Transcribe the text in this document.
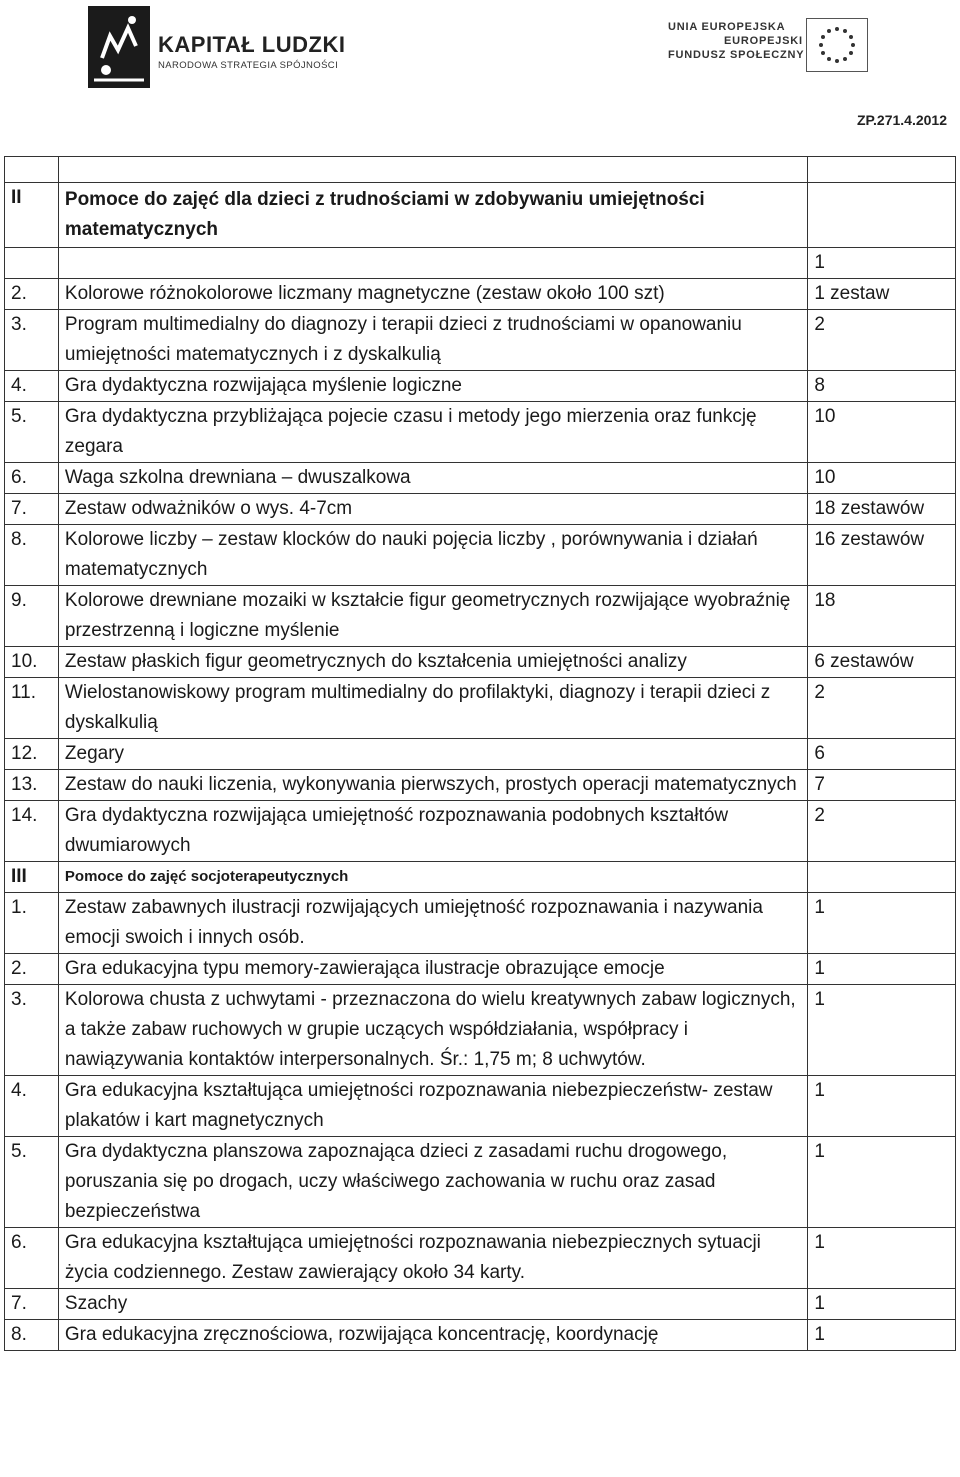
KAPITAŁ LUDZKI
NARODOWA STRATEGIA SPÓJNOŚCI
UNIA EUROPEJSKA
EUROPEJSKI
FUNDUSZ SPOŁECZNY
ZP.271.4.2012

II	Pomoce do zajęć dla dzieci z trudnościami w zdobywaniu umiejętności matematycznych	
		1
2.	Kolorowe różnokolorowe liczmany magnetyczne (zestaw około 100 szt)	1 zestaw
3.	Program multimedialny do diagnozy i terapii dzieci z trudnościami w opanowaniu umiejętności matematycznych i z dyskalkulią	2
4.	Gra dydaktyczna rozwijająca myślenie logiczne	8
5.	Gra dydaktyczna przybliżająca pojecie czasu i metody jego mierzenia oraz funkcję zegara	10
6.	Waga szkolna drewniana – dwuszalkowa	10
7.	Zestaw odważników o wys. 4-7cm	18 zestawów
8.	Kolorowe liczby – zestaw klocków do nauki pojęcia liczby , porównywania i działań matematycznych	16 zestawów
9.	Kolorowe drewniane mozaiki w kształcie figur geometrycznych rozwijające wyobraźnię przestrzenną i logiczne myślenie	18
10.	Zestaw płaskich figur geometrycznych do kształcenia umiejętności analizy	6 zestawów
11.	Wielostanowiskowy program multimedialny do profilaktyki, diagnozy i terapii dzieci z dyskalkulią	2
12.	Zegary	6
13.	Zestaw do nauki liczenia, wykonywania pierwszych, prostych operacji matematycznych	7
14.	Gra dydaktyczna rozwijająca umiejętność rozpoznawania podobnych kształtów dwumiarowych	2
III	Pomoce do zajęć socjoterapeutycznych	
1.	Zestaw zabawnych ilustracji rozwijających umiejętność rozpoznawania i nazywania emocji swoich i innych osób.	1
2.	Gra edukacyjna typu memory-zawierająca ilustracje obrazujące emocje	1
3.	Kolorowa chusta z uchwytami - przeznaczona do wielu kreatywnych zabaw logicznych, a także zabaw ruchowych w grupie uczących współdziałania, współpracy i nawiązywania kontaktów interpersonalnych. Śr.: 1,75 m; 8 uchwytów.	1
4.	Gra edukacyjna kształtująca umiejętności rozpoznawania niebezpieczeństw- zestaw plakatów i kart magnetycznych	1
5.	Gra dydaktyczna planszowa zapoznająca dzieci z zasadami ruchu drogowego, poruszania się po drogach, uczy właściwego zachowania w ruchu oraz zasad bezpieczeństwa	1
6.	Gra edukacyjna kształtująca umiejętności rozpoznawania niebezpiecznych sytuacji życia codziennego. Zestaw zawierający około 34 karty.	1
7.	Szachy	1
8.	Gra edukacyjna zręcznościowa, rozwijająca koncentrację, koordynację	1
